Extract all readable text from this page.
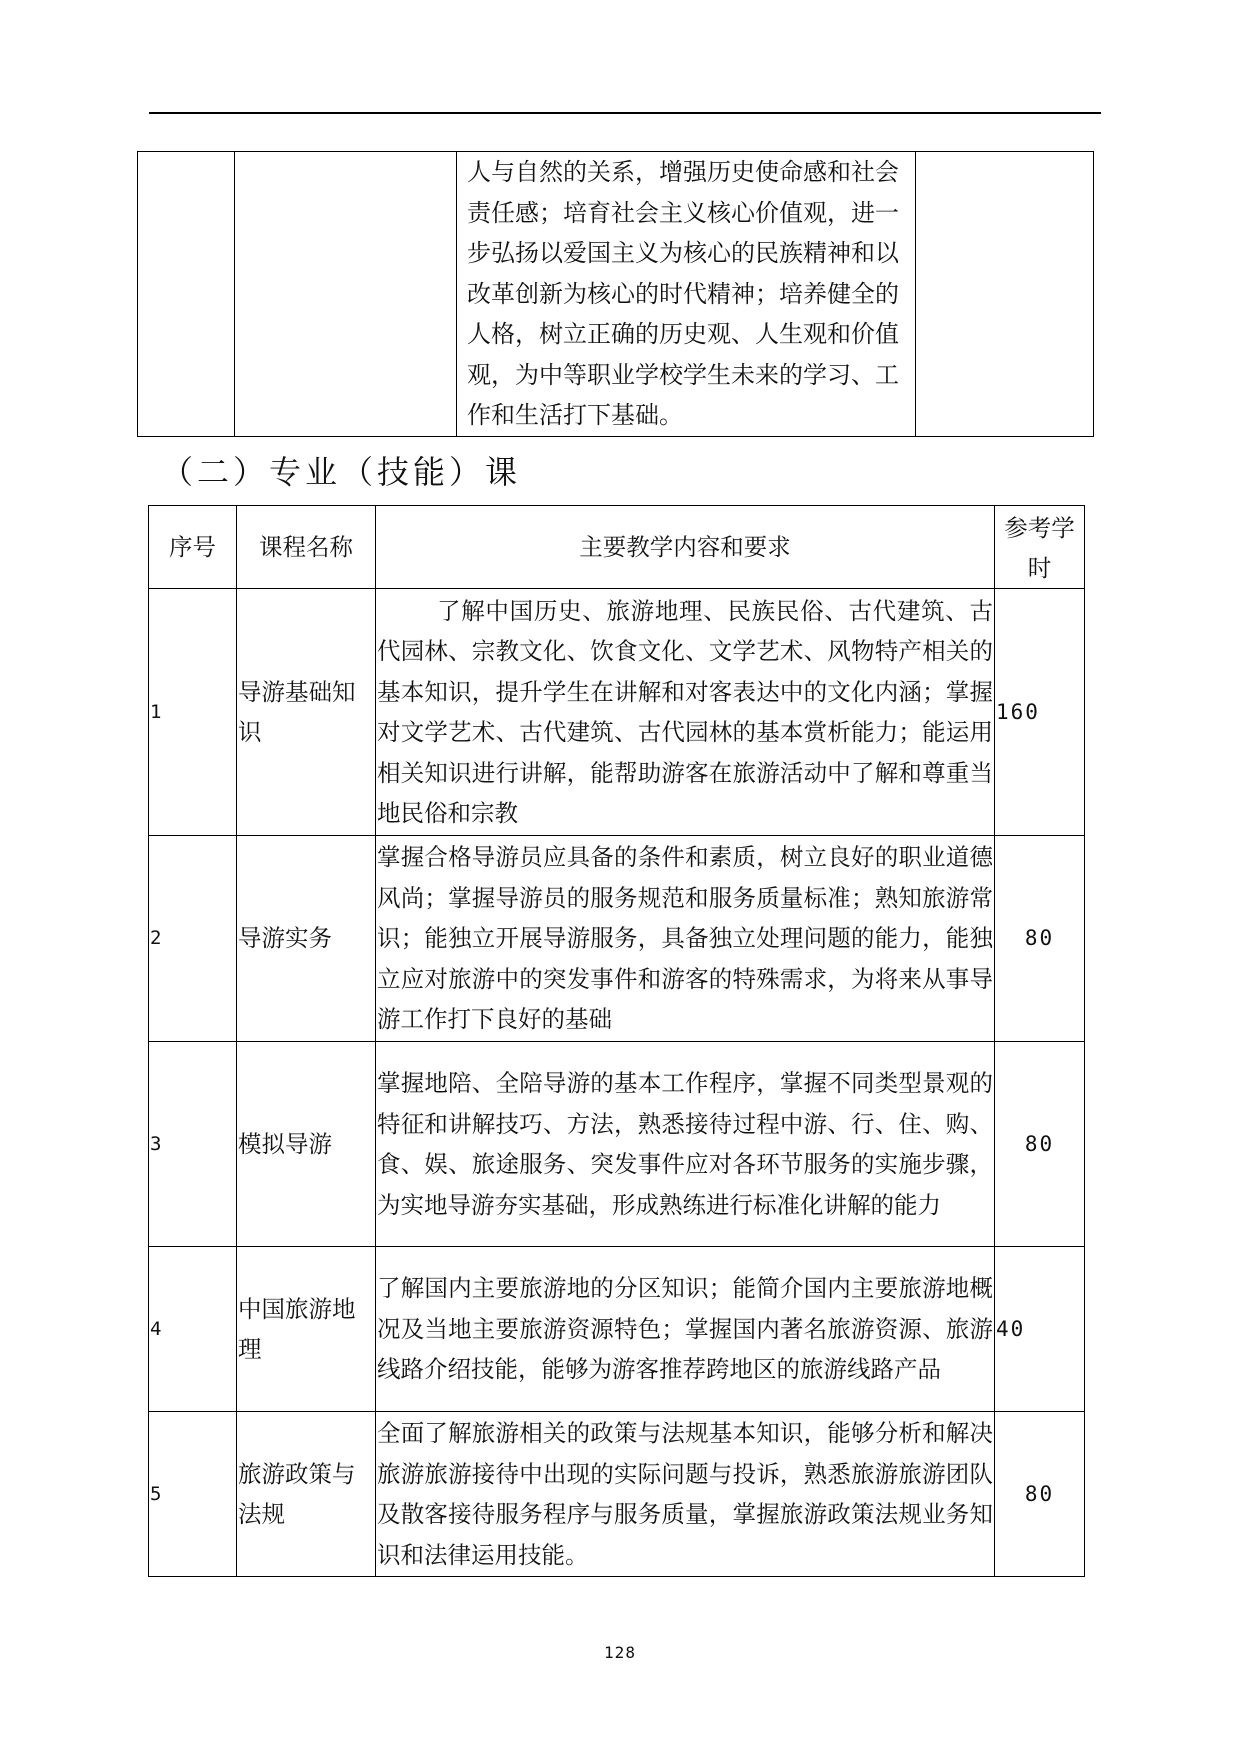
		人与自然的关系，增强历史使命感和社会责任感；培育社会主义核心价值观，进一步弘扬以爱国主义为核心的民族精神和以改革创新为核心的时代精神；培养健全的人格，树立正确的历史观、人生观和价值观，为中等职业学校学生未来的学习、工作和生活打下基础。	
（二）专业（技能）课
序号	课程名称	主要教学内容和要求	参考学时
1	导游基础知识	了解中国历史、旅游地理、民族民俗、古代建筑、古代园林、宗教文化、饮食文化、文学艺术、风物特产相关的基本知识，提升学生在讲解和对客表达中的文化内涵；掌握对文学艺术、古代建筑、古代园林的基本赏析能力；能运用相关知识进行讲解，能帮助游客在旅游活动中了解和尊重当地民俗和宗教	160
2	导游实务	掌握合格导游员应具备的条件和素质，树立良好的职业道德风尚；掌握导游员的服务规范和服务质量标准；熟知旅游常识；能独立开展导游服务，具备独立处理问题的能力，能独立应对旅游中的突发事件和游客的特殊需求，为将来从事导游工作打下良好的基础	80
3	模拟导游	掌握地陪、全陪导游的基本工作程序，掌握不同类型景观的特征和讲解技巧、方法，熟悉接待过程中游、行、住、购、食、娱、旅途服务、突发事件应对各环节服务的实施步骤，为实地导游夯实基础，形成熟练进行标准化讲解的能力	80
4	中国旅游地理	了解国内主要旅游地的分区知识；能简介国内主要旅游地概况及当地主要旅游资源特色；掌握国内著名旅游资源、旅游线路介绍技能，能够为游客推荐跨地区的旅游线路产品	40
5	旅游政策与法规	全面了解旅游相关的政策与法规基本知识，能够分析和解决旅游旅游接待中出现的实际问题与投诉，熟悉旅游旅游团队及散客接待服务程序与服务质量，掌握旅游政策法规业务知识和法律运用技能。	80
128
